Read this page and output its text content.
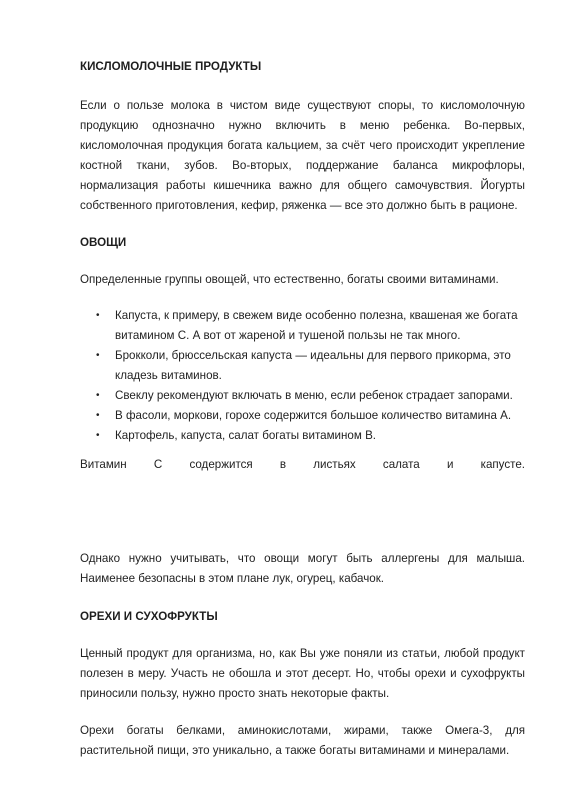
КИСЛОМОЛОЧНЫЕ ПРОДУКТЫ

Если о пользе молока в чистом виде существуют споры, то кисломолочную продукцию однозначно нужно включить в меню ребенка. Во-первых, кисломолочная продукция богата кальцием, за счёт чего происходит укрепление костной ткани, зубов. Во-вторых, поддержание баланса микрофлоры, нормализация работы кишечника важно для общего самочувствия. Йогурты собственного приготовления, кефир, ряженка — все это должно быть в рационе.

ОВОЩИ

Определенные группы овощей, что естественно, богаты своими витаминами.

• Капуста, к примеру, в свежем виде особенно полезна, квашеная же богата витамином С. А вот от жареной и тушеной пользы не так много.
• Брокколи, брюссельская капуста — идеальны для первого прикорма, это кладезь витаминов.
• Свеклу рекомендуют включать в меню, если ребенок страдает запорами.
• В фасоли, моркови, горохе содержится большое количество витамина А.
• Картофель, капуста, салат богаты витамином В.
Витамин С содержится в листьях салата и капусте.

Однако нужно учитывать, что овощи могут быть аллергены для малыша. Наименее безопасны в этом плане лук, огурец, кабачок.

ОРЕХИ И СУХОФРУКТЫ

Ценный продукт для организма, но, как Вы уже поняли из статьи, любой продукт полезен в меру. Участь не обошла и этот десерт. Но, чтобы орехи и сухофрукты приносили пользу, нужно просто знать некоторые факты.

Орехи богаты белками, аминокислотами, жирами, также Омега-3, для растительной пищи, это уникально, а также богаты витаминами и минералами.
